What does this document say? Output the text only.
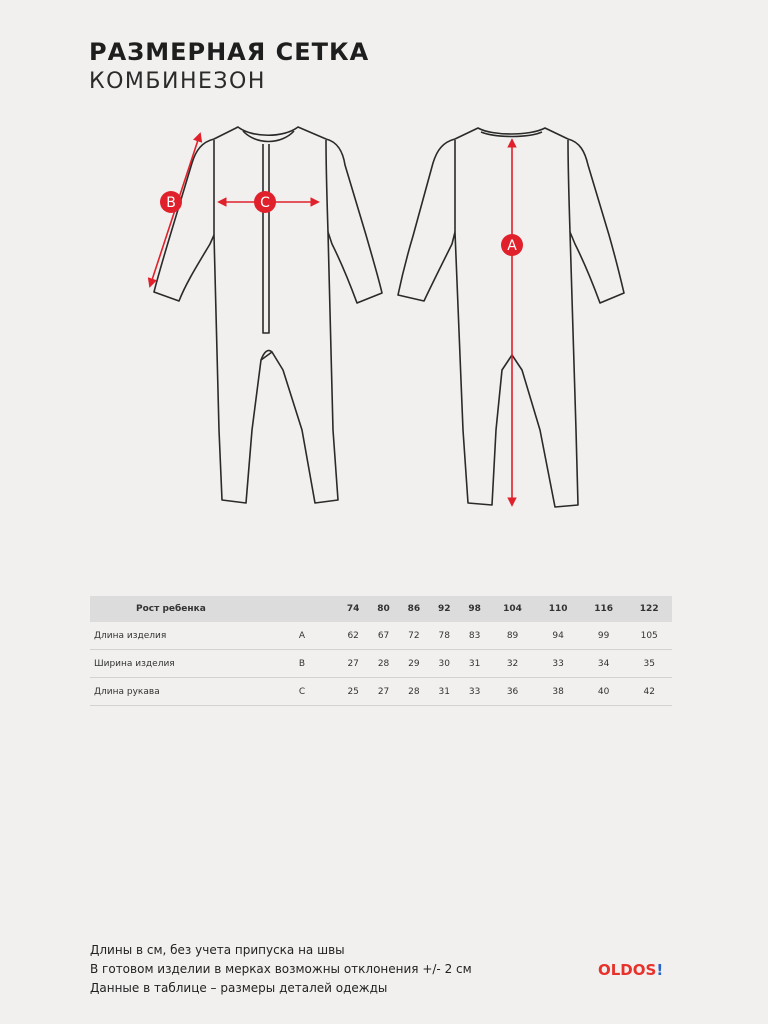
РАЗМЕРНАЯ СЕТКА
КОМБИНЕЗОН
A
B	C
Рост ребенка		74	80	86	92	98	104	110	116	122
Длина изделия	A	62	67	72	78	83	89	94	99	105
Ширина изделия	B	27	28	29	30	31	32	33	34	35
Длина рукава	C	25	27	28	31	33	36	38	40	42
Длины в см, без учета припуска на швы
В готовом изделии в мерках возможны отклонения +/- 2 см
Данные в таблице – размеры деталей одежды
OLDOS!
